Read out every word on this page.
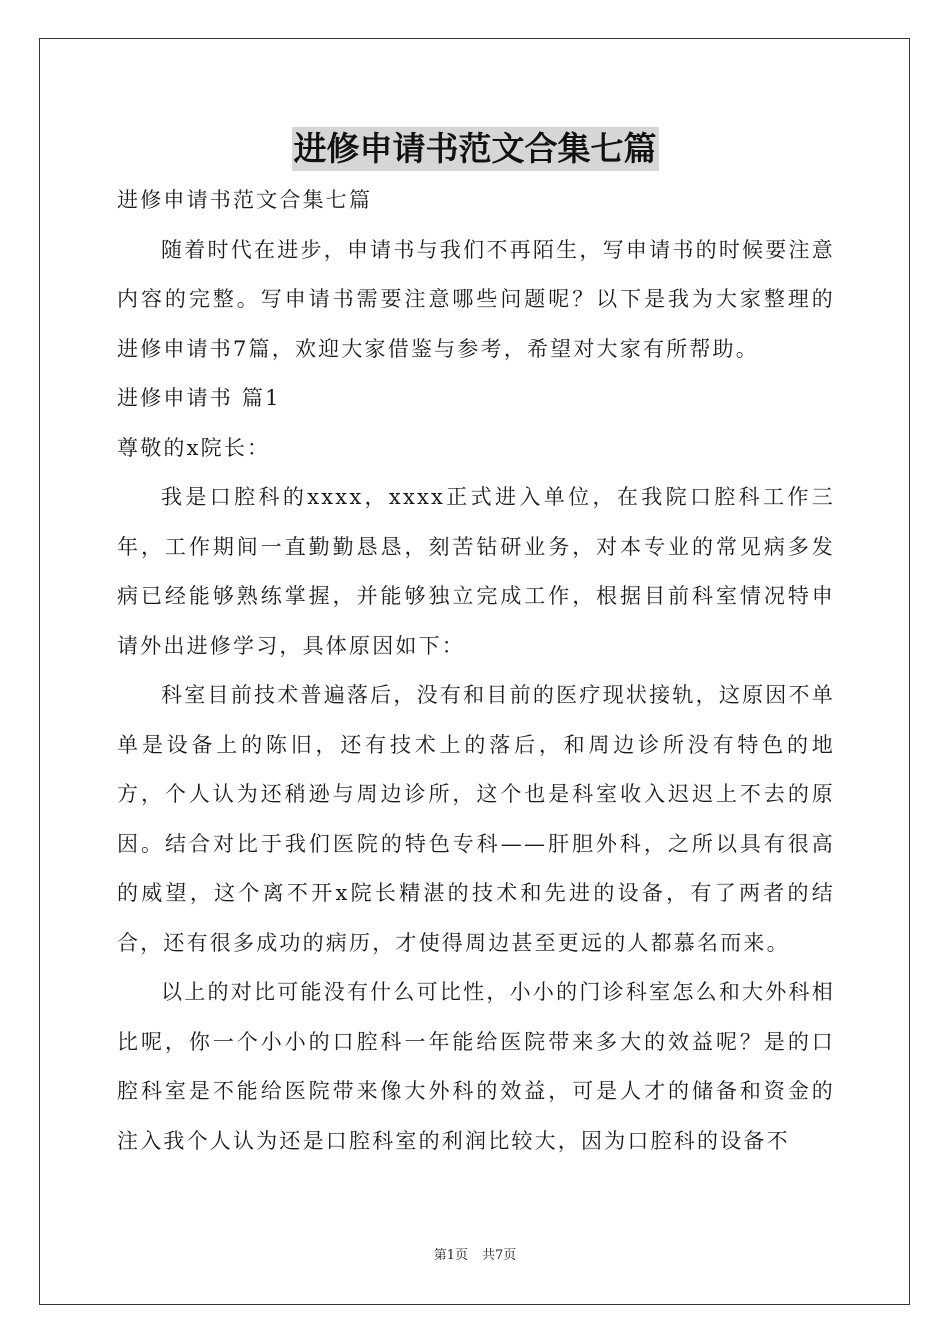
进修申请书范文合集七篇
进修申请书范文合集七篇

随着时代在进步，申请书与我们不再陌生，写申请书的时候要注意内容的完整。写申请书需要注意哪些问题呢？以下是我为大家整理的进修申请书7篇，欢迎大家借鉴与参考，希望对大家有所帮助。

进修申请书 篇1
尊敬的x院长：

我是口腔科的xxxx，xxxx正式进入单位，在我院口腔科工作三年，工作期间一直勤勤恳恳，刻苦钻研业务，对本专业的常见病多发病已经能够熟练掌握，并能够独立完成工作，根据目前科室情况特申请外出进修学习，具体原因如下：

科室目前技术普遍落后，没有和目前的医疗现状接轨，这原因不单单是设备上的陈旧，还有技术上的落后，和周边诊所没有特色的地方，个人认为还稍逊与周边诊所，这个也是科室收入迟迟上不去的原因。结合对比于我们医院的特色专科——肝胆外科，之所以具有很高的威望，这个离不开x院长精湛的技术和先进的设备，有了两者的结合，还有很多成功的病历，才使得周边甚至更远的人都慕名而来。

以上的对比可能没有什么可比性，小小的门诊科室怎么和大外科相比呢，你一个小小的口腔科一年能给医院带来多大的效益呢？是的口腔科室是不能给医院带来像大外科的效益，可是人才的储备和资金的注入我个人认为还是口腔科室的利润比较大，因为口腔科的设备不

第1页 共7页
